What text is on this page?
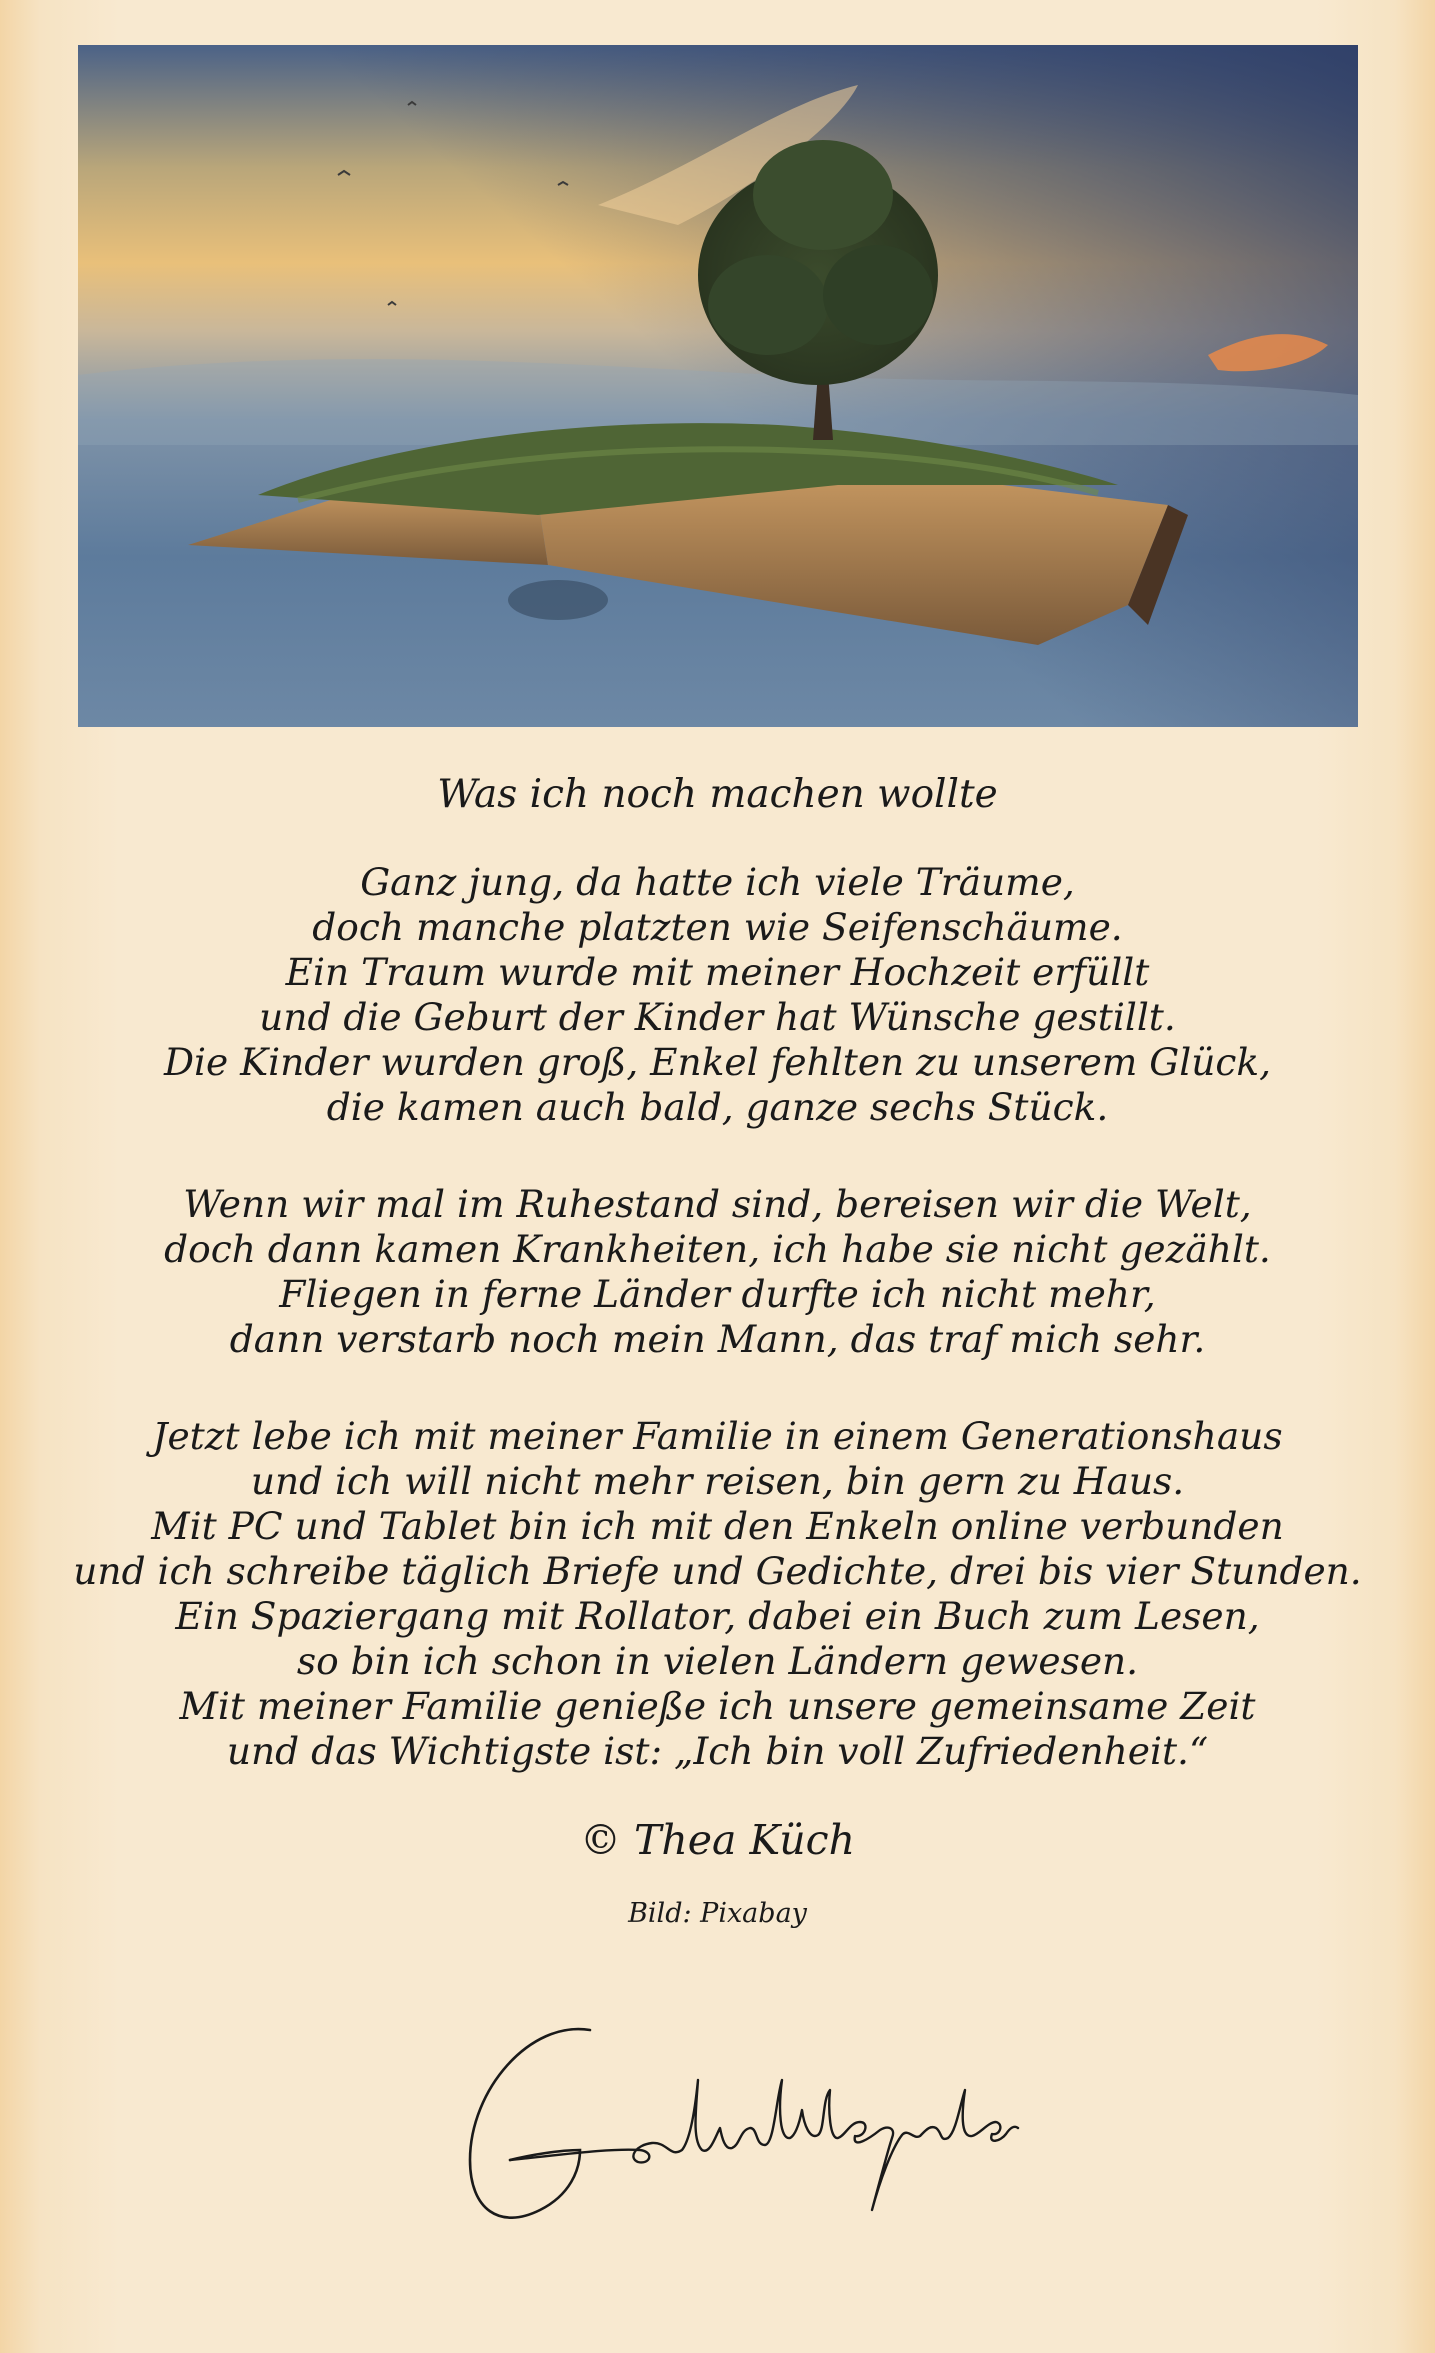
Was ich noch machen wollte
Ganz jung, da hatte ich viele Träume,
doch manche platzten wie Seifenschäume.
Ein Traum wurde mit meiner Hochzeit erfüllt
und die Geburt der Kinder hat Wünsche gestillt.
Die Kinder wurden groß, Enkel fehlten zu unserem Glück,
die kamen auch bald, ganze sechs Stück.
Wenn wir mal im Ruhestand sind, bereisen wir die Welt,
doch dann kamen Krankheiten, ich habe sie nicht gezählt.
Fliegen in ferne Länder durfte ich nicht mehr,
dann verstarb noch mein Mann, das traf mich sehr.
Jetzt lebe ich mit meiner Familie in einem Generationshaus
und ich will nicht mehr reisen, bin gern zu Haus.
Mit PC und Tablet bin ich mit den Enkeln online verbunden
und ich schreibe täglich Briefe und Gedichte, drei bis vier Stunden.
Ein Spaziergang mit Rollator, dabei ein Buch zum Lesen,
so bin ich schon in vielen Ländern gewesen.
Mit meiner Familie genieße ich unsere gemeinsame Zeit
und das Wichtigste ist: „Ich bin voll Zufriedenheit.“
© Thea Küch
Bild: Pixabay
